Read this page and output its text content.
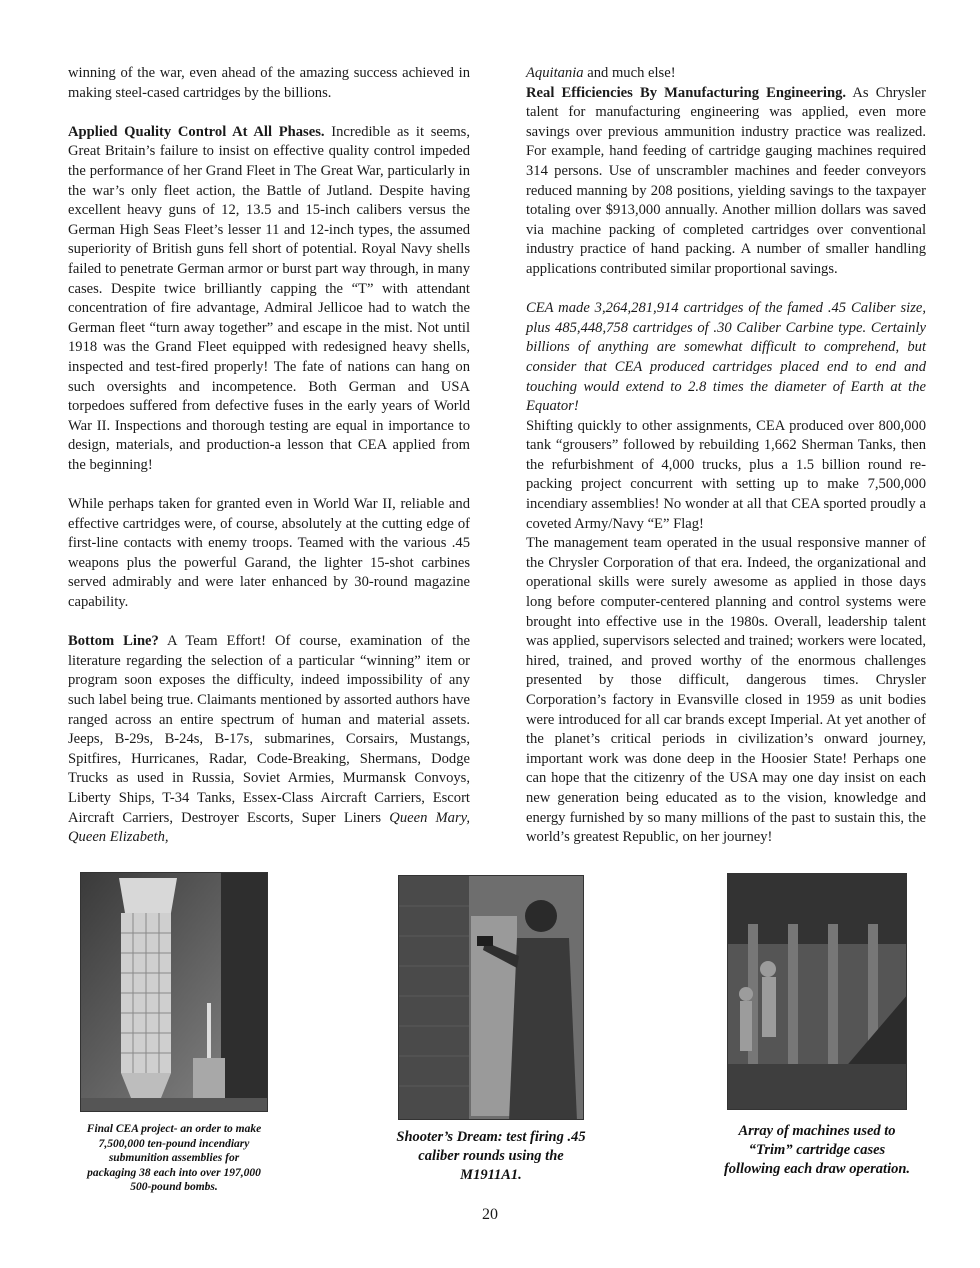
winning of the war, even ahead of the amazing success achieved in making steel-cased cartridges by the billions.

Applied Quality Control At All Phases. Incredible as it seems, Great Britain’s failure to insist on effective quality control impeded the performance of her Grand Fleet in The Great War, particularly in the war’s only fleet action, the Battle of Jutland. Despite having excellent heavy guns of 12, 13.5 and 15-inch calibers versus the German High Seas Fleet’s lesser 11 and 12-inch types, the assumed superiority of British guns fell short of potential. Royal Navy shells failed to penetrate German armor or burst part way through, in many cases. Despite twice brilliantly capping the “T” with attendant concentration of fire advantage, Admiral Jellicoe had to watch the German fleet “turn away together” and escape in the mist. Not until 1918 was the Grand Fleet equipped with redesigned heavy shells, inspected and test-fired properly! The fate of nations can hang on such oversights and incompetence. Both German and USA torpedoes suffered from defective fuses in the early years of World War II. Inspections and thorough testing are equal in importance to design, materials, and production-a lesson that CEA applied from the beginning!

While perhaps taken for granted even in World War II, reliable and effective cartridges were, of course, absolutely at the cutting edge of first-line contacts with enemy troops. Teamed with the various .45 weapons plus the powerful Garand, the lighter 15-shot carbines served admirably and were later enhanced by 30-round magazine capability.

Bottom Line? A Team Effort! Of course, examination of the literature regarding the selection of a particular “winning” item or program soon exposes the difficulty, indeed impossibility of any such label being true. Claimants mentioned by assorted authors have ranged across an entire spectrum of human and material assets. Jeeps, B-29s, B-24s, B-17s, submarines, Corsairs, Mustangs, Spitfires, Hurricanes, Radar, Code-Breaking, Shermans, Dodge Trucks as used in Russia, Soviet Armies, Murmansk Convoys, Liberty Ships, T-34 Tanks, Essex-Class Aircraft Carriers, Escort Aircraft Carriers, Destroyer Escorts, Super Liners Queen Mary, Queen Elizabeth,

Aquitania and much else!

Real Efficiencies By Manufacturing Engineering. As Chrysler talent for manufacturing engineering was applied, even more savings over previous ammunition industry practice was realized. For example, hand feeding of cartridge gauging machines required 314 persons. Use of unscrambler machines and feeder conveyors reduced manning by 208 positions, yielding savings to the taxpayer totaling over $913,000 annually. Another million dollars was saved via machine packing of completed cartridges over conventional industry practice of hand packing. A number of smaller handling applications contributed similar proportional savings.

CEA made 3,264,281,914 cartridges of the famed .45 Caliber size, plus 485,448,758 cartridges of .30 Caliber Carbine type. Certainly billions of anything are somewhat difficult to comprehend, but consider that CEA produced cartridges placed end to end and touching would extend to 2.8 times the diameter of Earth at the Equator!

Shifting quickly to other assignments, CEA produced over 800,000 tank “grousers” followed by rebuilding 1,662 Sherman Tanks, then the refurbishment of 4,000 trucks, plus a 1.5 billion round re-packing project concurrent with setting up to make 7,500,000 incendiary assemblies! No wonder at all that CEA sported proudly a coveted Army/Navy “E” Flag!

The management team operated in the usual responsive manner of the Chrysler Corporation of that era. Indeed, the organizational and operational skills were surely awesome as applied in those days long before computer-centered planning and control systems were brought into effective use in the 1980s. Overall, leadership talent was applied, supervisors selected and trained; workers were located, hired, trained, and proved worthy of the enormous challenges presented by those difficult, dangerous times. Chrysler Corporation’s factory in Evansville closed in 1959 as unit bodies were introduced for all car brands except Imperial. At yet another of the planet’s critical periods in civilization’s onward journey, important work was done deep in the Hoosier State! Perhaps one can hope that the citizenry of the USA may one day insist on each new generation being educated as to the vision, knowledge and energy furnished by so many millions of the past to sustain this, the world’s greatest Republic, on her journey!

Final CEA project- an order to make 7,500,000 ten-pound incendiary submunition assemblies for packaging 38 each into over 197,000 500-pound bombs.
Shooter’s Dream: test firing .45 caliber rounds using the M1911A1.
Array of machines used to “Trim” cartridge cases following each draw operation.
20
